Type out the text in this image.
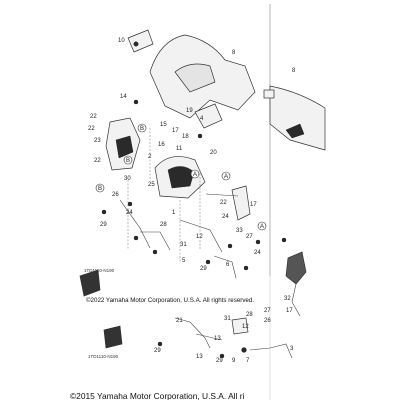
A
B
B
A
B
A
10
8
8
22
22
23
22
15
17
18
16
2
11
20
19
4
14
30
25
29
26
24
28
1
12
24
31
33
17
27
22
24
29
27
26
5
6
13
32
17
21
29
31
28
12
3
29
13
9 7
1TD1110-N190
1TD1110-N190
©2022 Yamaha Motor Corporation, U.S.A. All rights reserved.
©2015 Yamaha Motor Corporation, U.S.A. All ri
